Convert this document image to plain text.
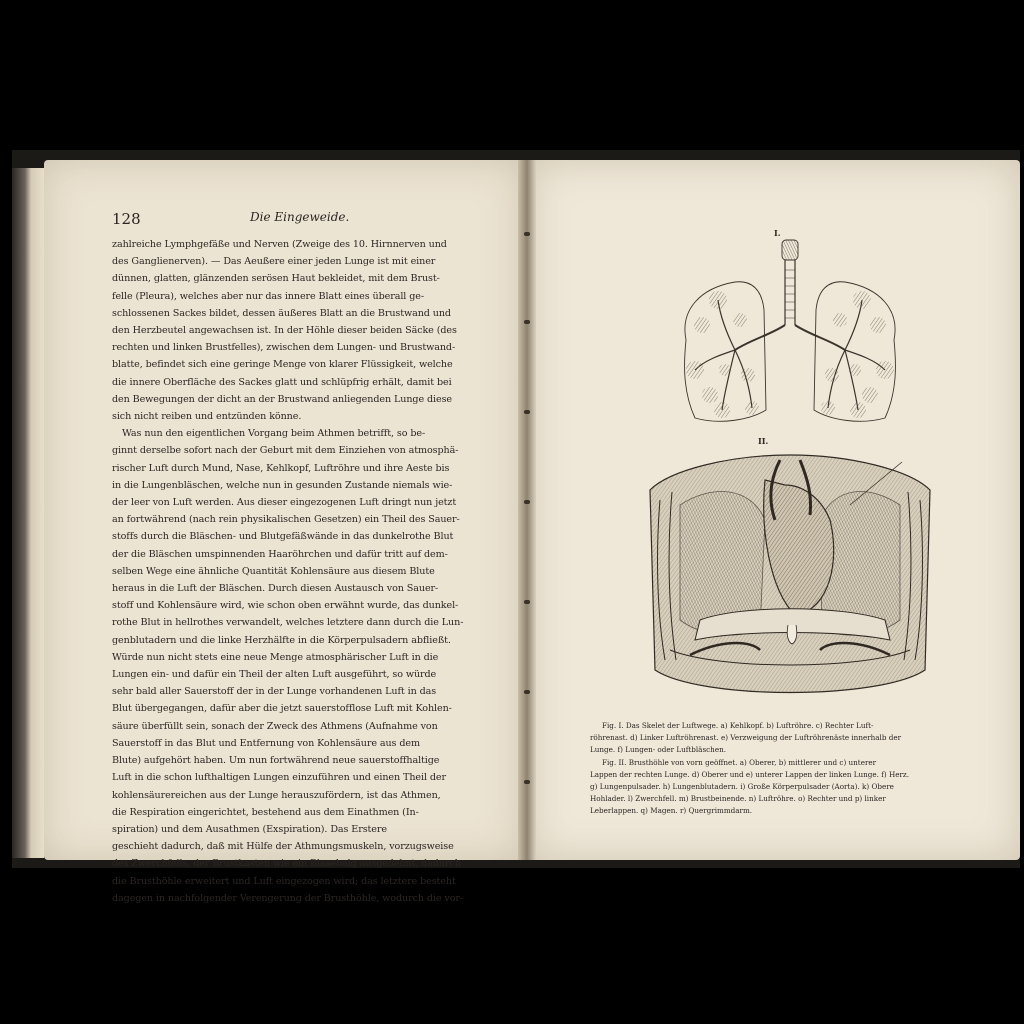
128	Die Eingeweide.
zahlreiche Lymphgefäße und Nerven (Zweige des 10. Hirnnerven und
des Ganglienerven). — Das Aeußere einer jeden Lunge ist mit einer
dünnen, glatten, glänzenden serösen Haut bekleidet, mit dem Brust-
felle (Pleura), welches aber nur das innere Blatt eines überall ge-
schlossenen Sackes bildet, dessen äußeres Blatt an die Brustwand und
den Herzbeutel angewachsen ist. In der Höhle dieser beiden Säcke (des
rechten und linken Brustfelles), zwischen dem Lungen- und Brustwand-
blatte, befindet sich eine geringe Menge von klarer Flüssigkeit, welche
die innere Oberfläche des Sackes glatt und schlüpfrig erhält, damit bei
den Bewegungen der dicht an der Brustwand anliegenden Lunge diese
sich nicht reiben und entzünden könne.
Was nun den eigentlichen Vorgang beim Athmen betrifft, so be-
ginnt derselbe sofort nach der Geburt mit dem Einziehen von atmosphä-
rischer Luft durch Mund, Nase, Kehlkopf, Luftröhre und ihre Aeste bis
in die Lungenbläschen, welche nun in gesunden Zustande niemals wie-
der leer von Luft werden. Aus dieser eingezogenen Luft dringt nun jetzt
an fortwährend (nach rein physikalischen Gesetzen) ein Theil des Sauer-
stoffs durch die Bläschen- und Blutgefäßwände in das dunkelrothe Blut
der die Bläschen umspinnenden Haaröhrchen und dafür tritt auf dem-
selben Wege eine ähnliche Quantität Kohlensäure aus diesem Blute
heraus in die Luft der Bläschen. Durch diesen Austausch von Sauer-
stoff und Kohlensäure wird, wie schon oben erwähnt wurde, das dunkel-
rothe Blut in hellrothes verwandelt, welches letztere dann durch die Lun-
genblutadern und die linke Herzhälfte in die Körperpulsadern abfließt.
Würde nun nicht stets eine neue Menge atmosphärischer Luft in die
Lungen ein- und dafür ein Theil der alten Luft ausgeführt, so würde
sehr bald aller Sauerstoff der in der Lunge vorhandenen Luft in das
Blut übergegangen, dafür aber die jetzt sauerstofflose Luft mit Kohlen-
säure überfüllt sein, sonach der Zweck des Athmens (Aufnahme von
Sauerstoff in das Blut und Entfernung von Kohlensäure aus dem
Blute) aufgehört haben. Um nun fortwährend neue sauerstoffhaltige
Luft in die schon lufthaltigen Lungen einzuführen und einen Theil der
kohlensäurereichen aus der Lunge herauszufördern, ist das Athmen,
die Respiration eingerichtet, bestehend aus dem Einathmen (In-
spiration) und dem Ausathmen (Exspiration). Das Erstere
geschieht dadurch, daß mit Hülfe der Athmungsmuskeln, vorzugsweise
des Zwerchfells, der Brustkasten wie ein Blasebalg ausgedehnt, dadurch
die Brusthöhle erweitert und Luft eingezogen wird; das letztere besteht
dagegen in nachfolgender Verengerung der Brusthöhle, wodurch die vor-
I.
II.
Fig. I. Das Skelet der Luftwege. a) Kehlkopf. b) Luftröhre. c) Rechter Luft-
röhrenast. d) Linker Luftröhrenast. e) Verzweigung der Luftröhrenäste innerhalb der
Lunge. f) Lungen- oder Luftbläschen.
Fig. II. Brusthöhle von vorn geöffnet. a) Oberer, b) mittlerer und c) unterer
Lappen der rechten Lunge. d) Oberer und e) unterer Lappen der linken Lunge. f) Herz.
g) Lungenpulsader. h) Lungenblutadern. i) Große Körperpulsader (Aorta). k) Obere
Hohlader. l) Zwerchfell. m) Brustbeinende. n) Luftröhre. o) Rechter und p) linker
Leberlappen. q) Magen. r) Quergrimmdarm.
